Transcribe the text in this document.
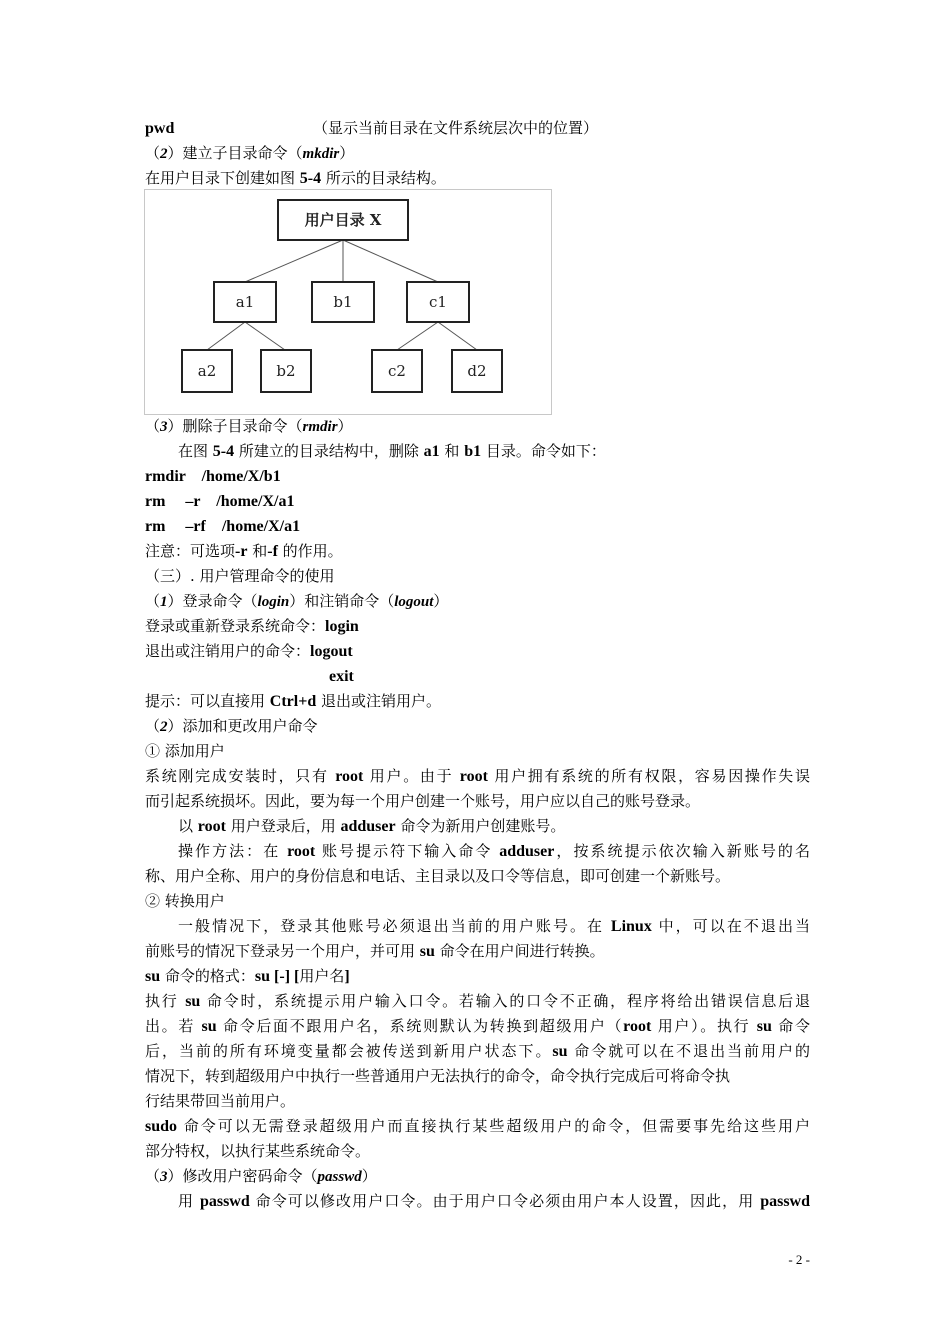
pwd	（显示当前目录在文件系统层次中的位置）
（2）建立子目录命令（mkdir）
在用户目录下创建如图 5-4 所示的目录结构。
用户目录 X
a1	b1	c1
a2	b2	c2	d2
（3）删除子目录命令（rmdir）
在图 5-4 所建立的目录结构中，删除 a1 和 b1 目录。命令如下：
rmdir    /home/X/b1
rm     –r    /home/X/a1
rm     –rf    /home/X/a1
注意：可选项-r 和-f 的作用。
（三）. 用户管理命令的使用
（1）登录命令（login）和注销命令（logout）
登录或重新登录系统命令：login
退出或注销用户的命令：logout
exit
提示：可以直接用 Ctrl+d 退出或注销用户。
（2）添加和更改用户命令
① 添加用户
系统刚完成安装时，只有 root 用户。由于 root 用户拥有系统的所有权限，容易因操作失误
而引起系统损坏。因此，要为每一个用户创建一个账号，用户应以自己的账号登录。
以 root 用户登录后，用 adduser 命令为新用户创建账号。
操作方法：在 root 账号提示符下输入命令 adduser，按系统提示依次输入新账号的名
称、用户全称、用户的身份信息和电话、主目录以及口令等信息，即可创建一个新账号。
② 转换用户
一般情况下，登录其他账号必须退出当前的用户账号。在 Linux 中，可以在不退出当
前账号的情况下登录另一个用户，并可用 su 命令在用户间进行转换。
su 命令的格式：su [-] [用户名]
执行 su 命令时，系统提示用户输入口令。若输入的口令不正确，程序将给出错误信息后退
出。若 su 命令后面不跟用户名，系统则默认为转换到超级用户（root 用户）。执行 su 命令
后，当前的所有环境变量都会被传送到新用户状态下。su 命令就可以在不退出当前用户的
情况下，转到超级用户中执行一些普通用户无法执行的命令，命令执行完成后可将命令执
行结果带回当前用户。
sudo 命令可以无需登录超级用户而直接执行某些超级用户的命令，但需要事先给这些用户
部分特权，以执行某些系统命令。
（3）修改用户密码命令（passwd）
用 passwd 命令可以修改用户口令。由于用户口令必须由用户本人设置，因此，用 passwd
- 2 -
